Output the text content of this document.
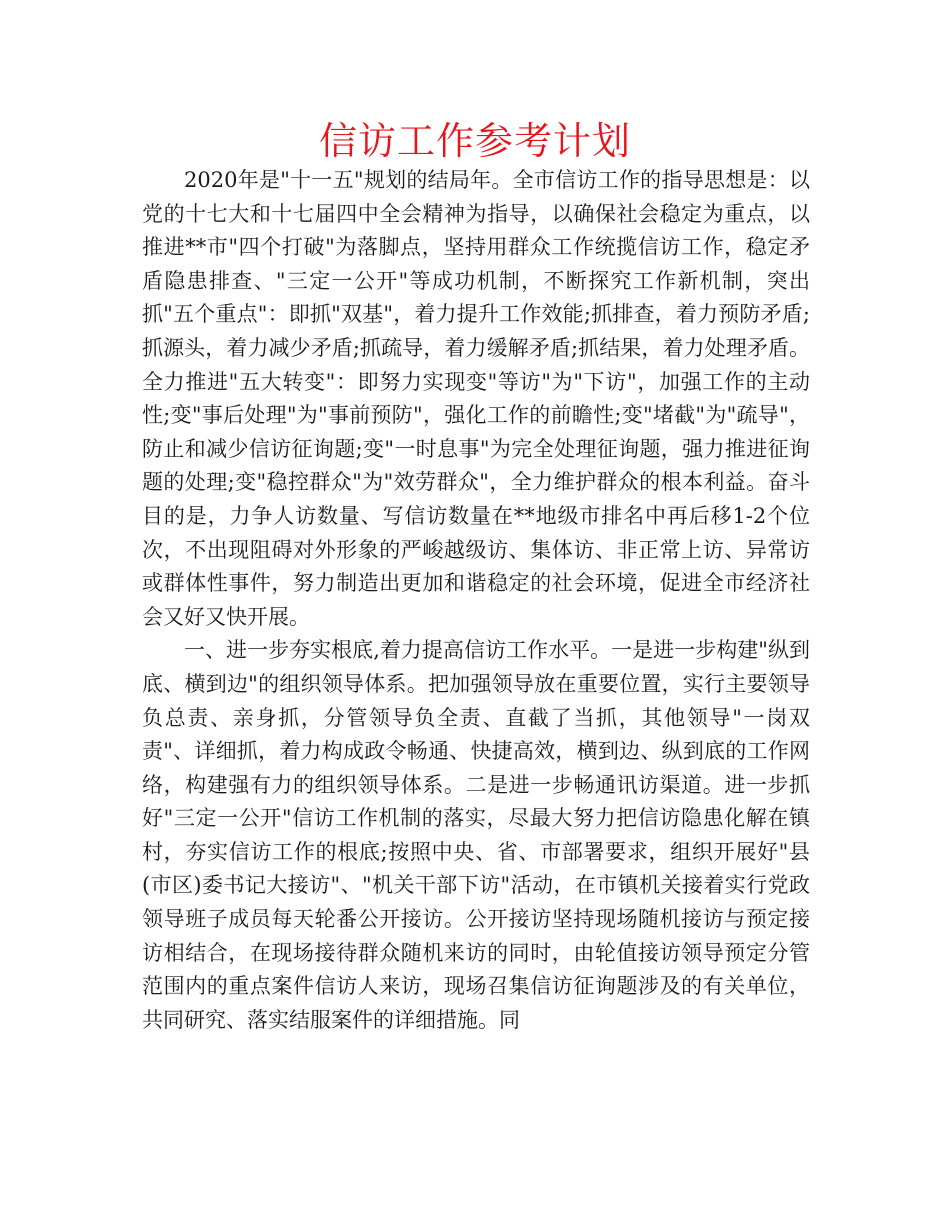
信访工作参考计划

2020年是"十一五"规划的结局年。全市信访工作的指导思想是：以党的十七大和十七届四中全会精神为指导，以确保社会稳定为重点，以推进**市"四个打破"为落脚点，坚持用群众工作统揽信访工作，稳定矛盾隐患排查、"三定一公开"等成功机制，不断探究工作新机制，突出抓"五个重点"：即抓"双基"，着力提升工作效能;抓排查，着力预防矛盾;抓源头，着力减少矛盾;抓疏导，着力缓解矛盾;抓结果，着力处理矛盾。全力推进"五大转变"：即努力实现变"等访"为"下访"，加强工作的主动性;变"事后处理"为"事前预防"，强化工作的前瞻性;变"堵截"为"疏导"，防止和减少信访征询题;变"一时息事"为完全处理征询题，强力推进征询题的处理;变"稳控群众"为"效劳群众"，全力维护群众的根本利益。奋斗目的是，力争人访数量、写信访数量在**地级市排名中再后移1-2个位次，不出现阻碍对外形象的严峻越级访、集体访、非正常上访、异常访或群体性事件，努力制造出更加和谐稳定的社会环境，促进全市经济社会又好又快开展。

一、进一步夯实根底,着力提高信访工作水平。一是进一步构建"纵到底、横到边"的组织领导体系。把加强领导放在重要位置，实行主要领导负总责、亲身抓，分管领导负全责、直截了当抓，其他领导"一岗双责"、详细抓，着力构成政令畅通、快捷高效，横到边、纵到底的工作网络，构建强有力的组织领导体系。二是进一步畅通讯访渠道。进一步抓好"三定一公开"信访工作机制的落实，尽最大努力把信访隐患化解在镇村，夯实信访工作的根底;按照中央、省、市部署要求，组织开展好"县(市区)委书记大接访"、"机关干部下访"活动，在市镇机关接着实行党政领导班子成员每天轮番公开接访。公开接访坚持现场随机接访与预定接访相结合，在现场接待群众随机来访的同时，由轮值接访领导预定分管范围内的重点案件信访人来访，现场召集信访征询题涉及的有关单位，共同研究、落实结服案件的详细措施。同
